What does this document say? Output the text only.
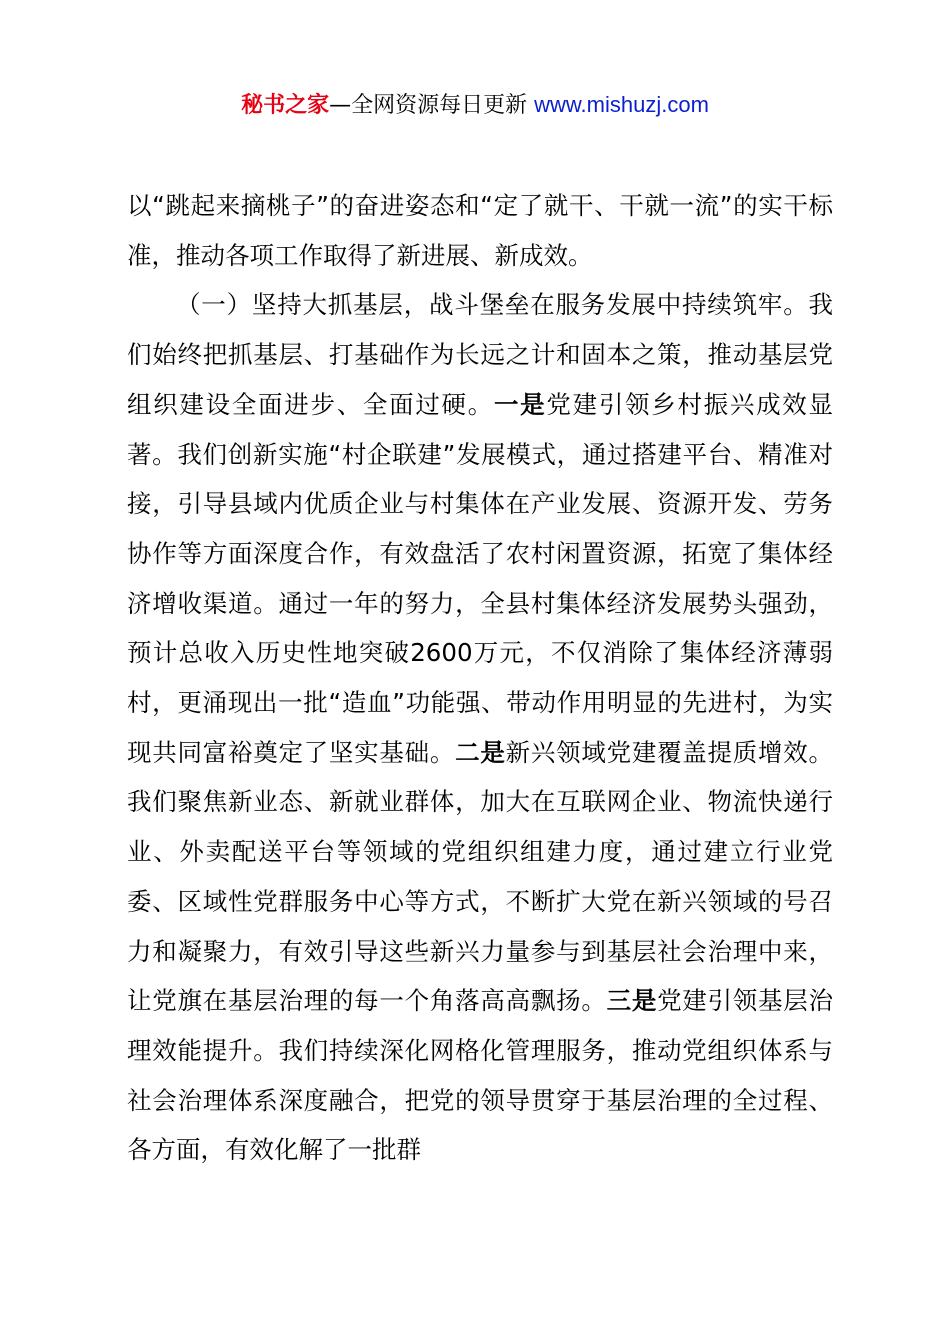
秘书之家—全网资源每日更新 www.mishuzj.com

以“跳起来摘桃子”的奋进姿态和“定了就干、干就一流”的实干标准，推动各项工作取得了新进展、新成效。

（一）坚持大抓基层，战斗堡垒在服务发展中持续筑牢。我们始终把抓基层、打基础作为长远之计和固本之策，推动基层党组织建设全面进步、全面过硬。一是党建引领乡村振兴成效显著。我们创新实施“村企联建”发展模式，通过搭建平台、精准对接，引导县域内优质企业与村集体在产业发展、资源开发、劳务协作等方面深度合作，有效盘活了农村闲置资源，拓宽了集体经济增收渠道。通过一年的努力，全县村集体经济发展势头强劲，预计总收入历史性地突破2600万元，不仅消除了集体经济薄弱村，更涌现出一批“造血”功能强、带动作用明显的先进村，为实现共同富裕奠定了坚实基础。二是新兴领域党建覆盖提质增效。我们聚焦新业态、新就业群体，加大在互联网企业、物流快递行业、外卖配送平台等领域的党组织组建力度，通过建立行业党委、区域性党群服务中心等方式，不断扩大党在新兴领域的号召力和凝聚力，有效引导这些新兴力量参与到基层社会治理中来，让党旗在基层治理的每一个角落高高飘扬。三是党建引领基层治理效能提升。我们持续深化网格化管理服务，推动党组织体系与社会治理体系深度融合，把党的领导贯穿于基层治理的全过程、各方面，有效化解了一批群
